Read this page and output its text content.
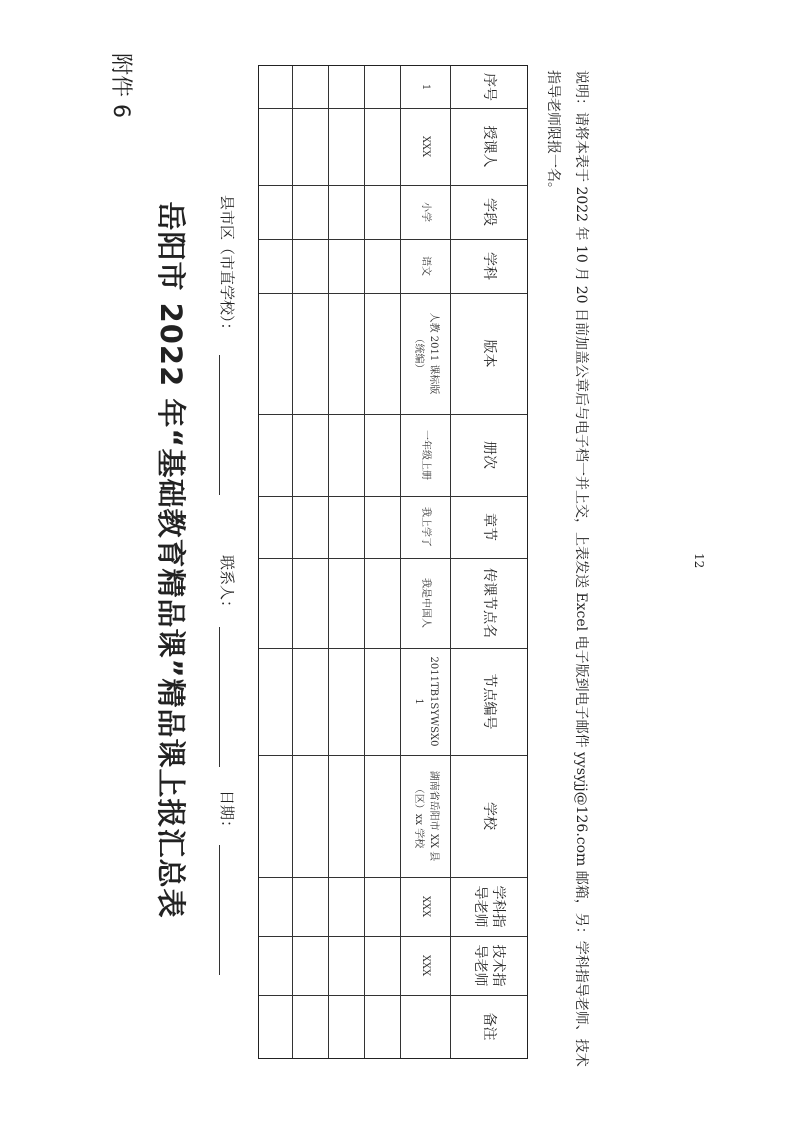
附件 6
岳阳市 2022 年“基础教育精品课”精品课上报汇总表	县市区（市直学校）：
联系人：
日期：
序号
授课人
学段
学科
版本
册次
章节
传课节点名
节点编号
学校
学科指导老师
技术指导老师
备注
1
XXX
小学
语文
人教 2011 课标版（统编）
一年级上册
我上学了
我是中国人
2011TB1SYWSX01
湖南省岳阳市 XX 县（区）xx 学校
XXX
XXX	说明：请将本表于 2022 年 10 月 20 日前加盖公章后与电子档一并上交，上表发送 Excel 电子版到电子邮件 yysyjj@126.com 邮箱，另：学科指导老师、技术指导老师限报一名。
12
